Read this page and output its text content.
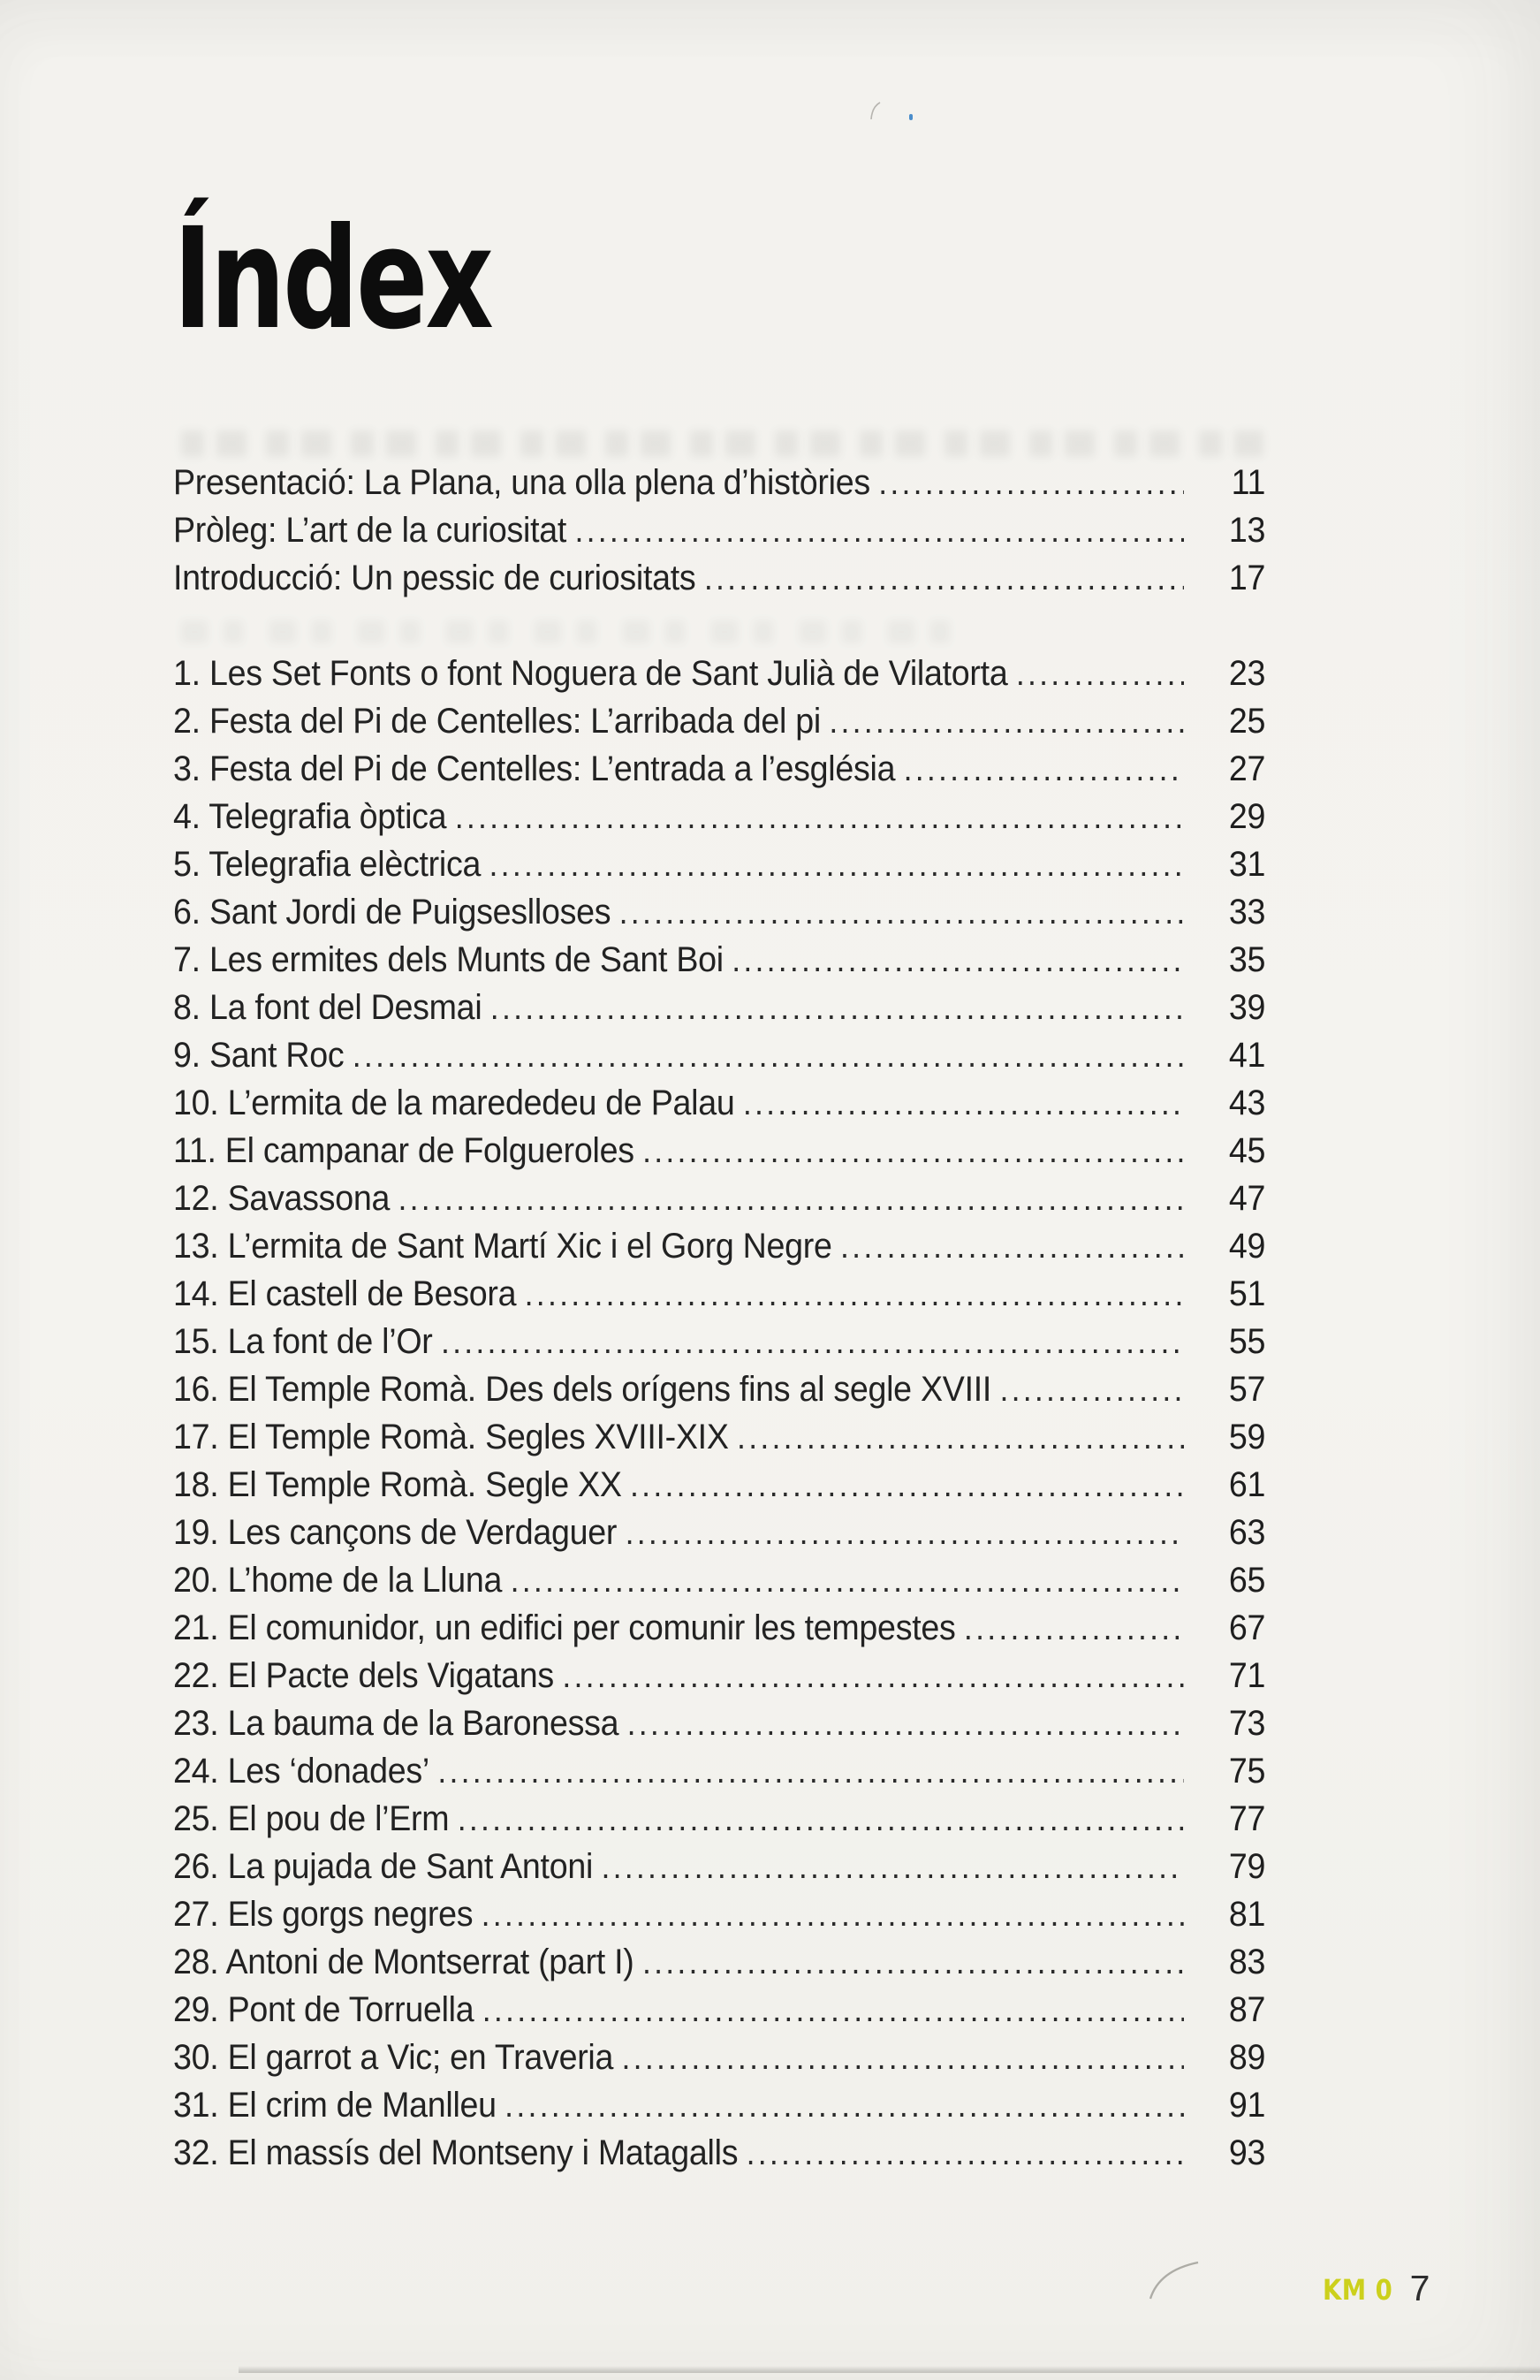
Índex
Presentació: La Plana, una olla plena d’històries .....	11
Pròleg: L’art de la curiositat .....	13
Introducció: Un pessic de curiositats .....	17
1. Les Set Fonts o font Noguera de Sant Julià de Vilatorta .....	23
2. Festa del Pi de Centelles: L’arribada del pi .....	25
3. Festa del Pi de Centelles: L’entrada a l’església .....	27
4. Telegrafia òptica .....	29
5. Telegrafia elèctrica .....	31
6. Sant Jordi de Puigseslloses .....	33
7. Les ermites dels Munts de Sant Boi .....	35
8. La font del Desmai .....	39
9. Sant Roc .....	41
10. L’ermita de la marededeu de Palau .....	43
11. El campanar de Folgueroles .....	45
12. Savassona .....	47
13. L’ermita de Sant Martí Xic i el Gorg Negre .....	49
14. El castell de Besora .....	51
15. La font de l’Or .....	55
16. El Temple Romà. Des dels orígens fins al segle XVIII .....	57
17. El Temple Romà. Segles XVIII-XIX .....	59
18. El Temple Romà. Segle XX .....	61
19. Les cançons de Verdaguer .....	63
20. L’home de la Lluna .....	65
21. El comunidor, un edifici per comunir les tempestes .....	67
22. El Pacte dels Vigatans .....	71
23. La bauma de la Baronessa .....	73
24. Les ‘donades’ .....	75
25. El pou de l’Erm .....	77
26. La pujada de Sant Antoni .....	79
27. Els gorgs negres .....	81
28. Antoni de Montserrat (part I) .....	83
29. Pont de Torruella .....	87
30. El garrot a Vic; en Traveria .....	89
31. El crim de Manlleu .....	91
32. El massís del Montseny i Matagalls .....	93

KM 0 7
